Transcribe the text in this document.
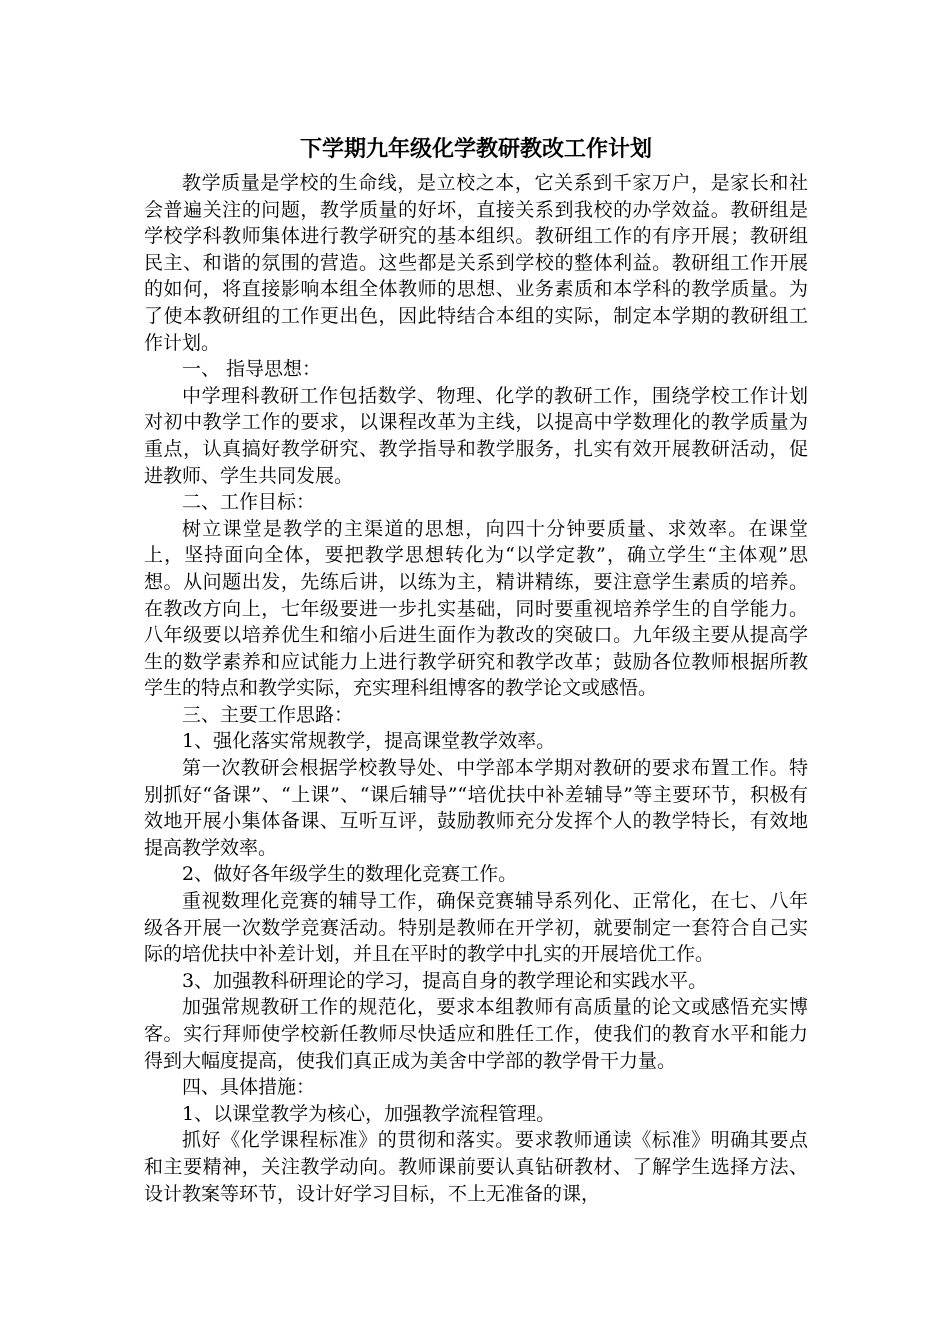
下学期九年级化学教研教改工作计划

教学质量是学校的生命线，是立校之本，它关系到千家万户，是家长和社会普遍关注的问题，教学质量的好坏，直接关系到我校的办学效益。教研组是学校学科教师集体进行教学研究的基本组织。教研组工作的有序开展；教研组民主、和谐的氛围的营造。这些都是关系到学校的整体利益。教研组工作开展的如何，将直接影响本组全体教师的思想、业务素质和本学科的教学质量。为了使本教研组的工作更出色，因此特结合本组的实际，制定本学期的教研组工作计划。

一、 指导思想：

中学理科教研工作包括数学、物理、化学的教研工作，围绕学校工作计划对初中教学工作的要求，以课程改革为主线，以提高中学数理化的教学质量为重点，认真搞好教学研究、教学指导和教学服务，扎实有效开展教研活动，促进教师、学生共同发展。

二、工作目标：

树立课堂是教学的主渠道的思想，向四十分钟要质量、求效率。在课堂上，坚持面向全体，要把教学思想转化为“以学定教”，确立学生“主体观”思想。从问题出发，先练后讲，以练为主，精讲精练，要注意学生素质的培养。在教改方向上，七年级要进一步扎实基础，同时要重视培养学生的自学能力。八年级要以培养优生和缩小后进生面作为教改的突破口。九年级主要从提高学生的数学素养和应试能力上进行教学研究和教学改革；鼓励各位教师根据所教学生的特点和教学实际，充实理科组博客的教学论文或感悟。

三、主要工作思路：

1、强化落实常规教学，提高课堂教学效率。

第一次教研会根据学校教导处、中学部本学期对教研的要求布置工作。特别抓好“备课”、“上课”、“课后辅导”“培优扶中补差辅导”等主要环节，积极有效地开展小集体备课、互听互评，鼓励教师充分发挥个人的教学特长，有效地提高教学效率。

2、做好各年级学生的数理化竞赛工作。

重视数理化竞赛的辅导工作，确保竞赛辅导系列化、正常化，在七、八年级各开展一次数学竞赛活动。特别是教师在开学初，就要制定一套符合自己实际的培优扶中补差计划，并且在平时的教学中扎实的开展培优工作。

3、加强教科研理论的学习，提高自身的教学理论和实践水平。

加强常规教研工作的规范化，要求本组教师有高质量的论文或感悟充实博客。实行拜师使学校新任教师尽快适应和胜任工作，使我们的教育水平和能力得到大幅度提高，使我们真正成为美舍中学部的教学骨干力量。

四、具体措施：

1、以课堂教学为核心，加强教学流程管理。

抓好《化学课程标准》的贯彻和落实。要求教师通读《标准》明确其要点和主要精神，关注教学动向。教师课前要认真钻研教材、了解学生选择方法、设计教案等环节，设计好学习目标，不上无准备的课，
